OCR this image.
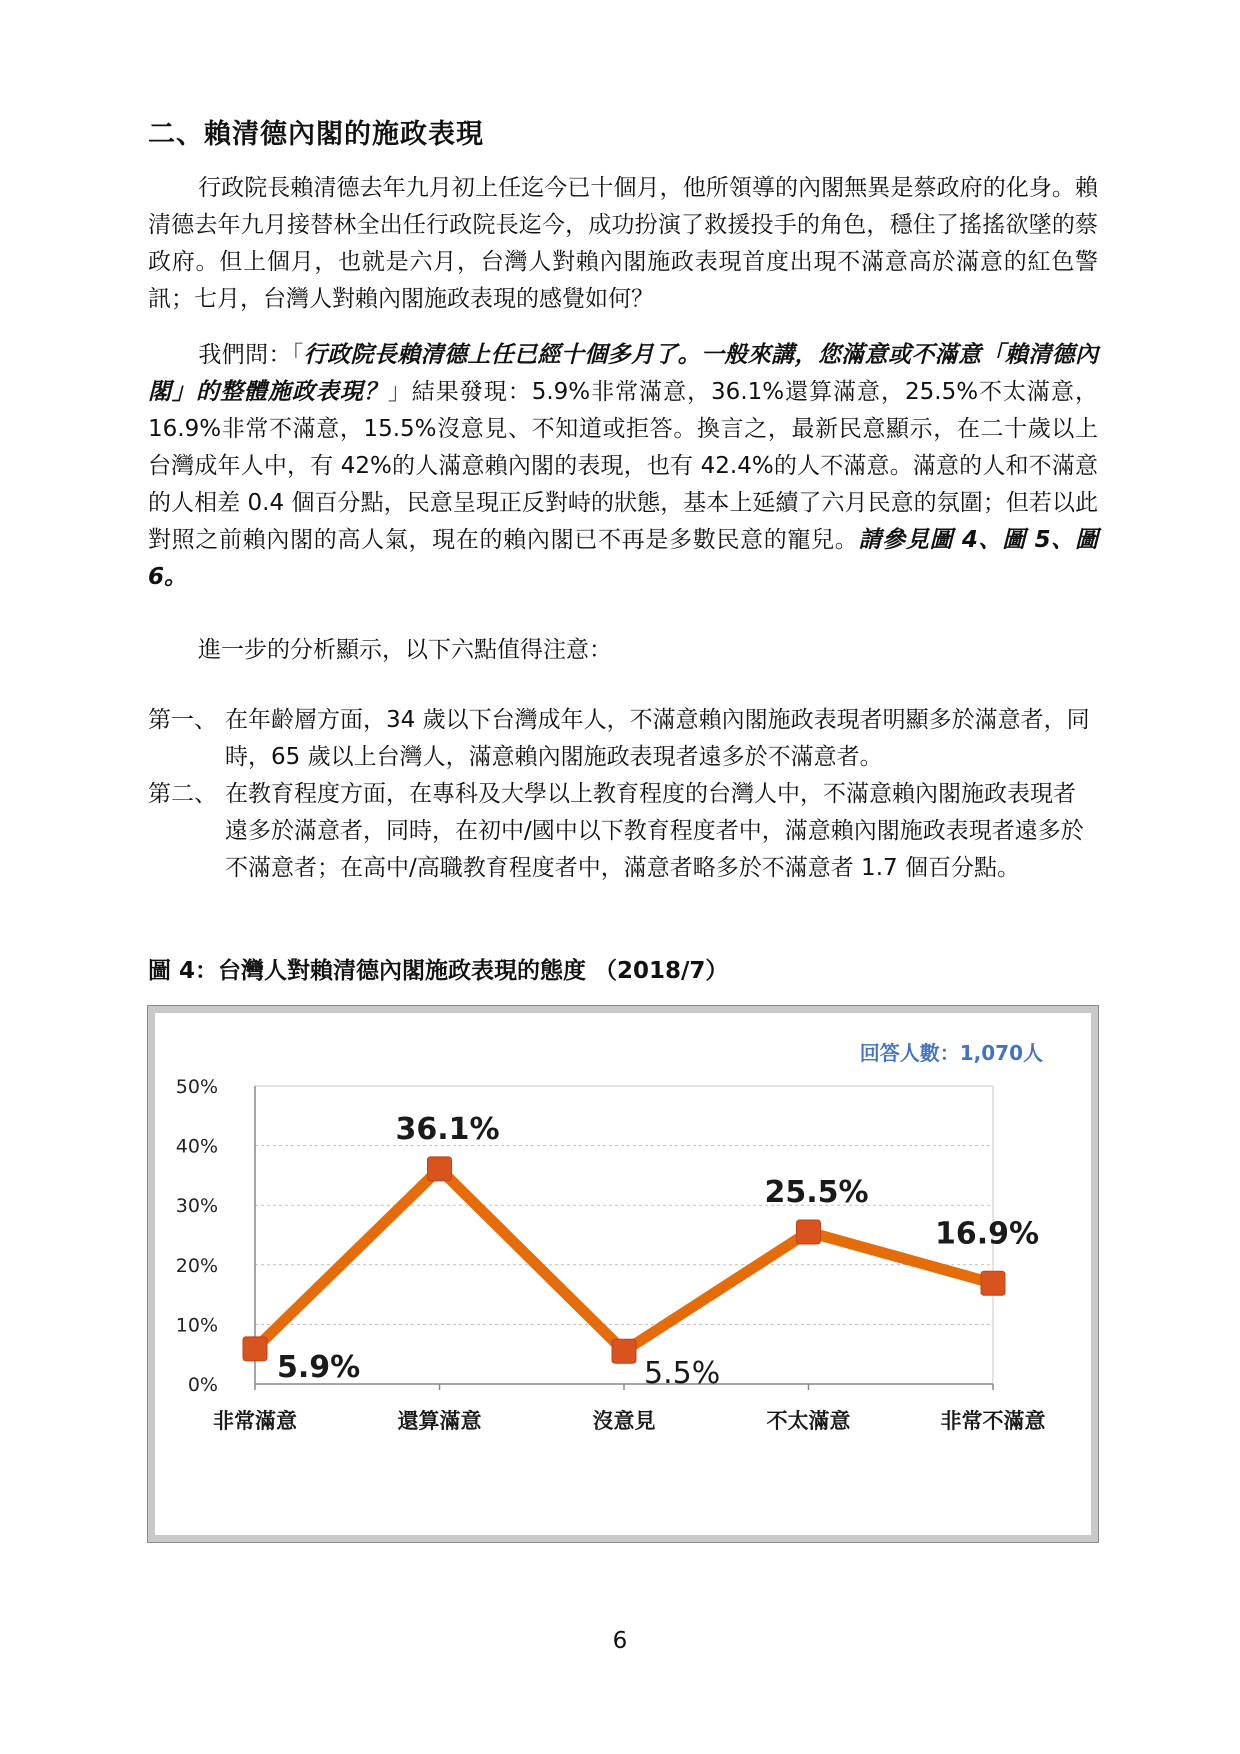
二、賴清德內閣的施政表現

行政院長賴清德去年九月初上任迄今已十個月，他所領導的內閣無異是蔡政府的化身。賴清德去年九月接替林全出任行政院長迄今，成功扮演了救援投手的角色，穩住了搖搖欲墜的蔡政府。但上個月，也就是六月，台灣人對賴內閣施政表現首度出現不滿意高於滿意的紅色警訊；七月，台灣人對賴內閣施政表現的感覺如何？

我們問：「行政院長賴清德上任已經十個多月了。一般來講，您滿意或不滿意「賴清德內閣」的整體施政表現？」結果發現：5.9%非常滿意，36.1%還算滿意，25.5%不太滿意，16.9%非常不滿意，15.5%沒意見、不知道或拒答。換言之，最新民意顯示，在二十歲以上台灣成年人中，有 42%的人滿意賴內閣的表現，也有 42.4%的人不滿意。滿意的人和不滿意的人相差 0.4 個百分點，民意呈現正反對峙的狀態，基本上延續了六月民意的氛圍；但若以此對照之前賴內閣的高人氣，現在的賴內閣已不再是多數民意的寵兒。請參見圖 4、圖 5、圖 6。

進一步的分析顯示，以下六點值得注意：

第一、 在年齡層方面，34 歲以下台灣成年人，不滿意賴內閣施政表現者明顯多於滿意者，同時，65 歲以上台灣人，滿意賴內閣施政表現者遠多於不滿意者。
第二、 在教育程度方面，在專科及大學以上教育程度的台灣人中，不滿意賴內閣施政表現者遠多於滿意者，同時，在初中/國中以下教育程度者中，滿意賴內閣施政表現者遠多於不滿意者；在高中/高職教育程度者中，滿意者略多於不滿意者 1.7 個百分點。
圖 4：台灣人對賴清德內閣施政表現的態度 （2018/7）
回答人數：1,070人
0%
10%
20%
30%
40%
50%
非常滿意	還算滿意	沒意見	不太滿意	非常不滿意
5.9%
36.1%
5.5%
25.5%
16.9%
6
